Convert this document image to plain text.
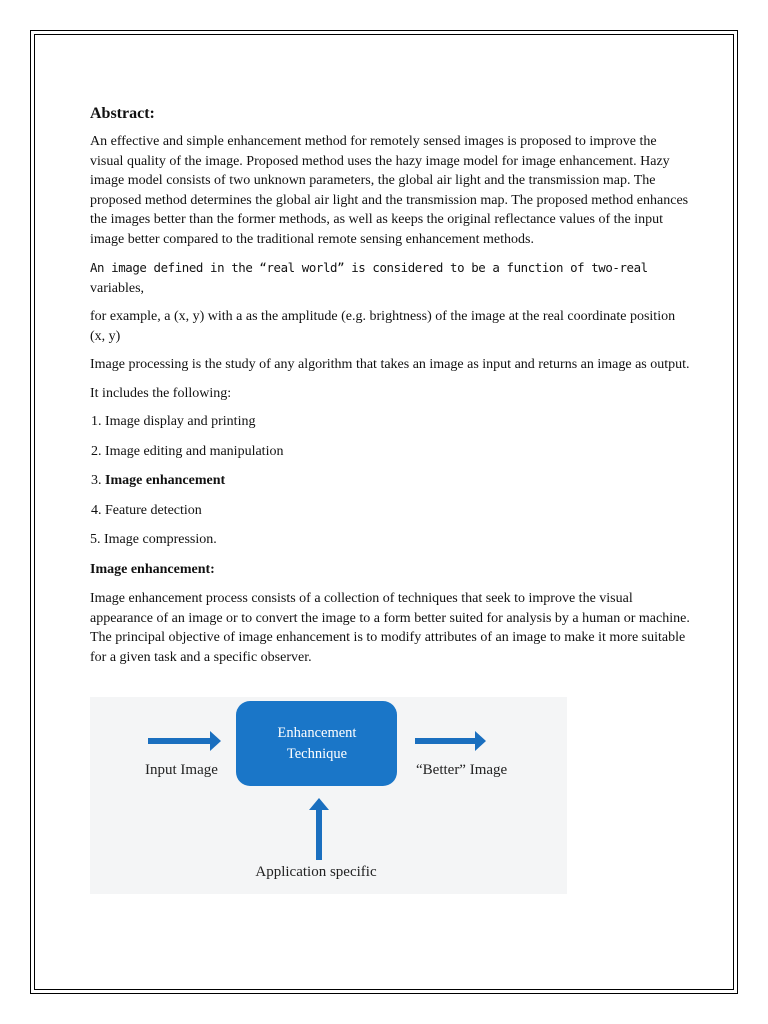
Abstract:

An effective and simple enhancement method for remotely sensed images is proposed to improve the visual quality of the image. Proposed method uses the hazy image model for image enhancement. Hazy image model consists of two unknown parameters, the global air light and the transmission map. The proposed method determines the global air light and the transmission map. The proposed method enhances the images better than the former methods, as well as keeps the original reflectance values of the input image better compared to the traditional remote sensing enhancement methods.

An image defined in the “real world” is considered to be a function of two-real variables,

for example, a (x, y) with a as the amplitude (e.g. brightness) of the image at the real coordinate position (x, y)

Image processing is the study of any algorithm that takes an image as input and returns an image as output.

It includes the following:

1. Image display and printing
2. Image editing and manipulation
3. Image enhancement
4. Feature detection
5. Image compression.
Image enhancement:

Image enhancement process consists of a collection of techniques that seek to improve the visual appearance of an image or to convert the image to a form better suited for analysis by a human or machine. The principal objective of image enhancement is to modify attributes of an image to make it more suitable for a given task and a specific observer.

Input Image
Enhancement
Technique
“Better” Image
Application specific
